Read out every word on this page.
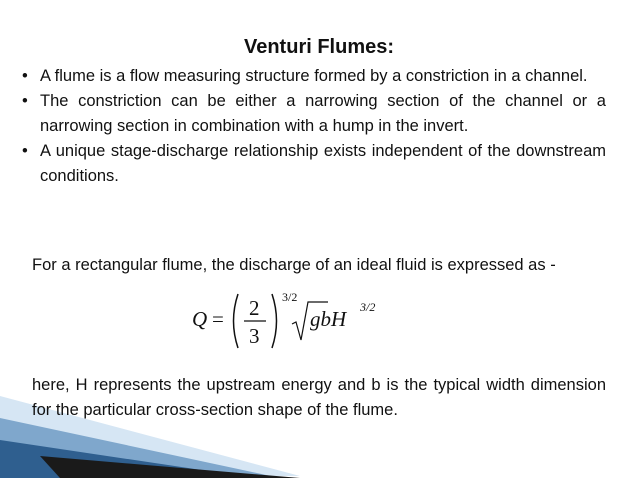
Venturi Flumes:
• A flume is a flow measuring structure formed by a constriction in a channel.
• The constriction can be either a narrowing section of the channel or a narrowing section in combination with a hump in the invert.
• A unique stage-discharge relationship exists independent of the downstream conditions.
For a rectangular flume, the discharge of an ideal fluid is expressed as -
Q = 2
3
3/2
gbH 3/2
here, H represents the upstream energy and b is the typical width dimension for the particular cross-section shape of the flume.
